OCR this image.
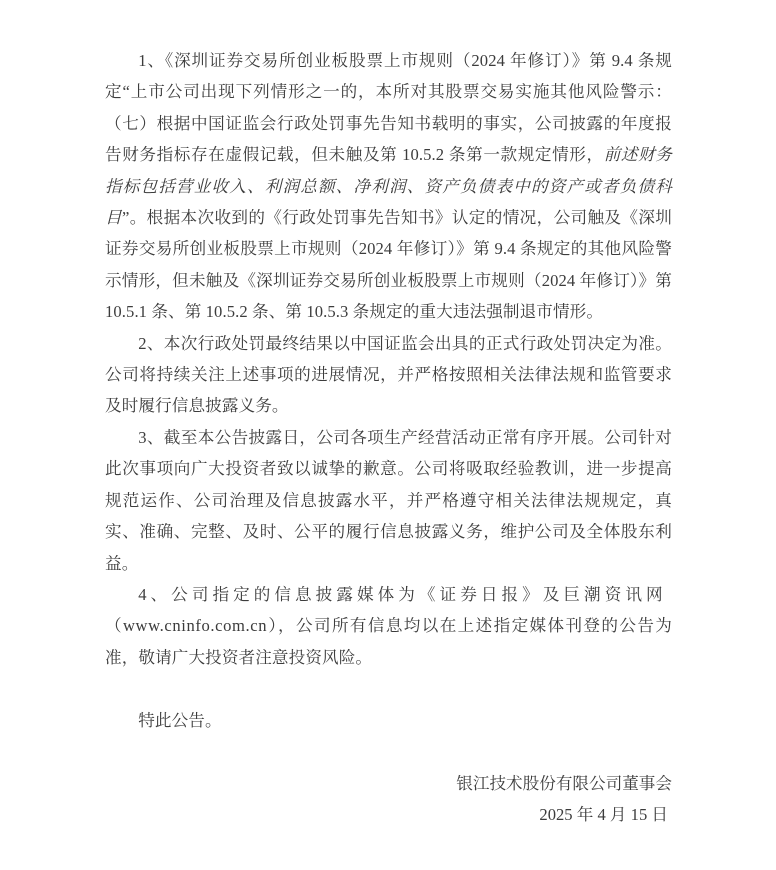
1、《深圳证券交易所创业板股票上市规则（2024 年修订）》第 9.4 条规定“上市公司出现下列情形之一的，本所对其股票交易实施其他风险警示：（七）根据中国证监会行政处罚事先告知书载明的事实，公司披露的年度报告财务指标存在虚假记载，但未触及第 10.5.2 条第一款规定情形，前述财务指标包括营业收入、利润总额、净利润、资产负债表中的资产或者负债科目”。根据本次收到的《行政处罚事先告知书》认定的情况，公司触及《深圳证券交易所创业板股票上市规则（2024 年修订）》第 9.4 条规定的其他风险警示情形，但未触及《深圳证券交易所创业板股票上市规则（2024 年修订）》第 10.5.1 条、第 10.5.2 条、第 10.5.3 条规定的重大违法强制退市情形。

2、本次行政处罚最终结果以中国证监会出具的正式行政处罚决定为准。公司将持续关注上述事项的进展情况，并严格按照相关法律法规和监管要求及时履行信息披露义务。

3、截至本公告披露日，公司各项生产经营活动正常有序开展。公司针对此次事项向广大投资者致以诚挚的歉意。公司将吸取经验教训，进一步提高规范运作、公司治理及信息披露水平，并严格遵守相关法律法规规定，真实、准确、完整、及时、公平的履行信息披露义务，维护公司及全体股东利益。

4、公司指定的信息披露媒体为《证券日报》及巨潮资讯网
（www.cninfo.com.cn），公司所有信息均以在上述指定媒体刊登的公告为准，敬请广大投资者注意投资风险。

特此公告。

银江技术股份有限公司董事会
2025 年 4 月 15 日
